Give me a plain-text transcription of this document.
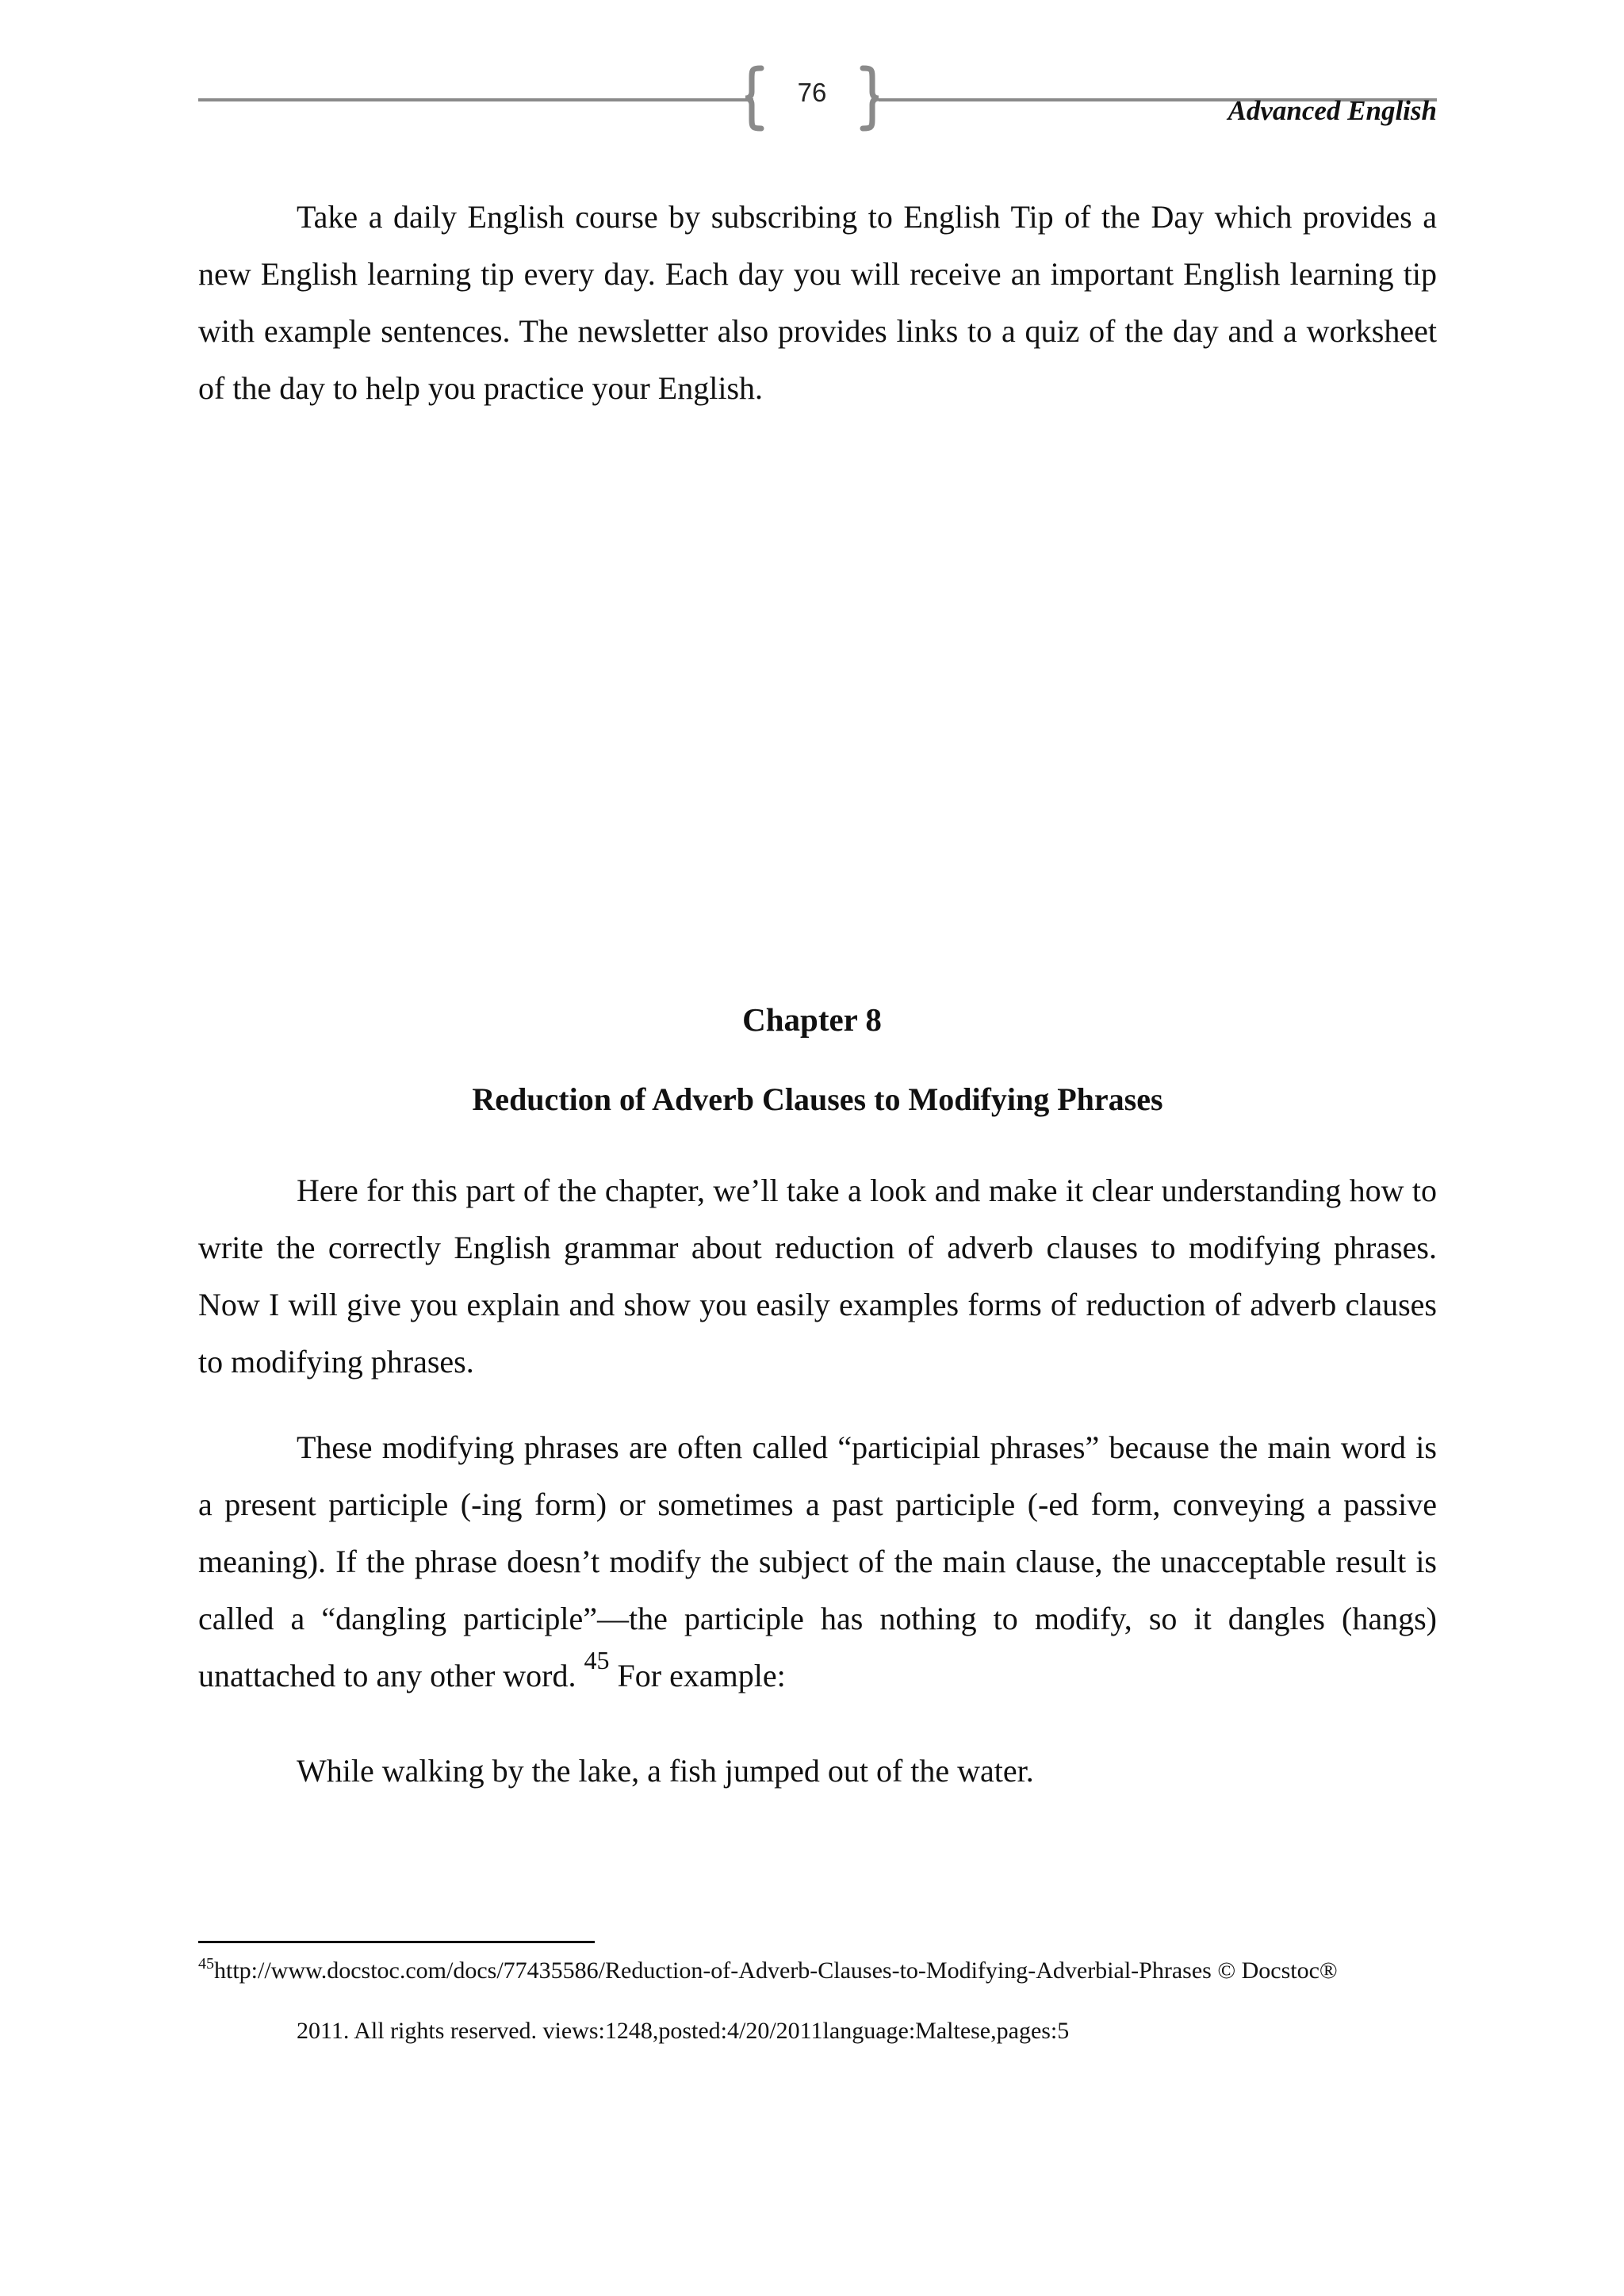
76
Advanced English

Take a daily English course by subscribing to English Tip of the Day which provides a new English learning tip every day. Each day you will receive an important English learning tip with example sentences. The newsletter also provides links to a quiz of the day and a worksheet of the day to help you practice your English.

Chapter 8
Reduction of Adverb Clauses to Modifying Phrases

Here for this part of the chapter, we’ll take a look and make it clear understanding how to write the correctly English grammar about reduction of adverb clauses to modifying phrases. Now I will give you explain and show you easily examples forms of reduction of adverb clauses to modifying phrases.

These modifying phrases are often called “participial phrases” because the main word is a present participle (-ing form) or sometimes a past participle (-ed form, conveying a passive meaning). If the phrase doesn’t modify the subject of the main clause, the unacceptable result is called a “dangling participle”—the participle has nothing to modify, so it dangles (hangs) unattached to any other word. $^{45}$ For example:

While walking by the lake, a fish jumped out of the water.

$^{45}$http://www.docstoc.com/docs/77435586/Reduction-of-Adverb-Clauses-to-Modifying-Adverbial-Phrases © Docstoc®
2011. All rights reserved. views:1248,posted:4/20/2011language:Maltese,pages:5
